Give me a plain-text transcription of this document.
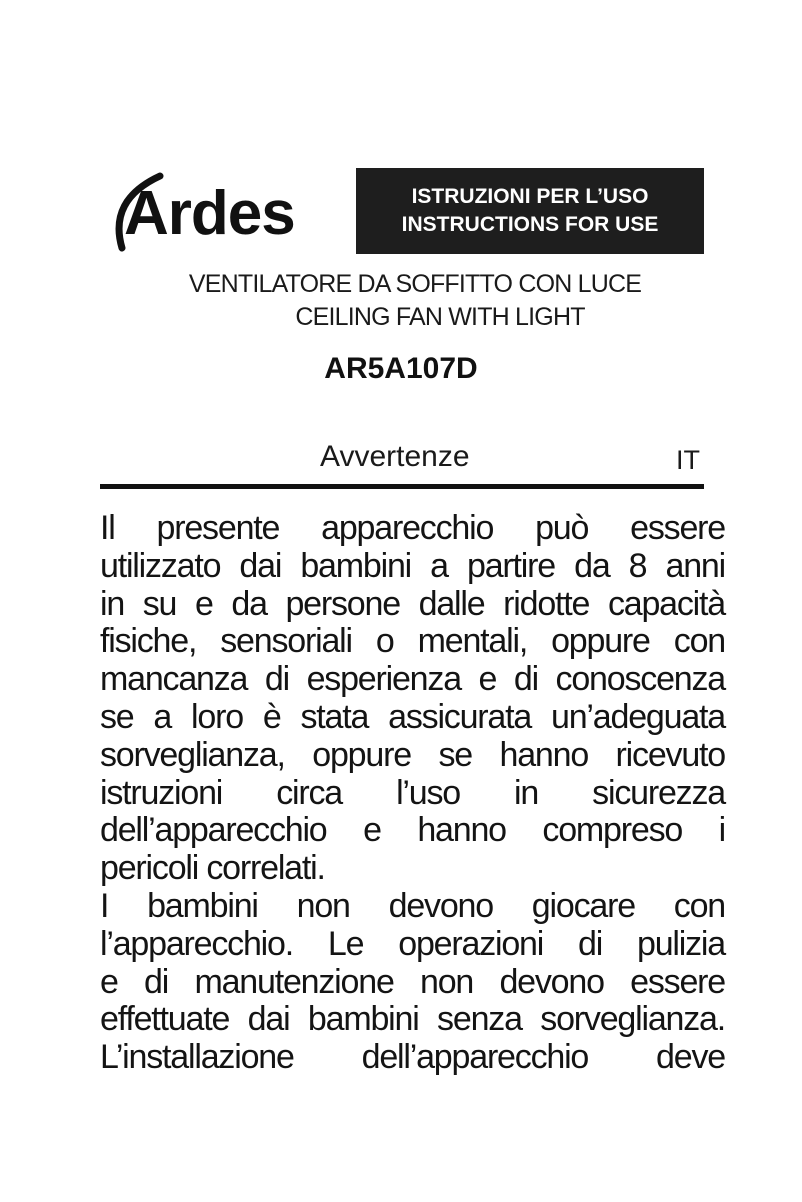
Ardes	ISTRUZIONI PER L’USO
INSTRUCTIONS FOR USE
VENTILATORE DA SOFFITTO CON LUCE
CEILING FAN WITH LIGHT
AR5A107D
Avvertenze	IT
Il presente apparecchio può essere
utilizzato dai bambini a partire da 8 anni
in su e da persone dalle ridotte capacità
fisiche, sensoriali o mentali, oppure con
mancanza di esperienza e di conoscenza
se a loro è stata assicurata un’adeguata
sorveglianza, oppure se hanno ricevuto
istruzioni circa l’uso in sicurezza
dell’apparecchio e hanno compreso i
pericoli correlati.
I bambini non devono giocare con
l’apparecchio. Le operazioni di pulizia
e di manutenzione non devono essere
effettuate dai bambini senza sorveglianza.
L’installazione dell’apparecchio deve
